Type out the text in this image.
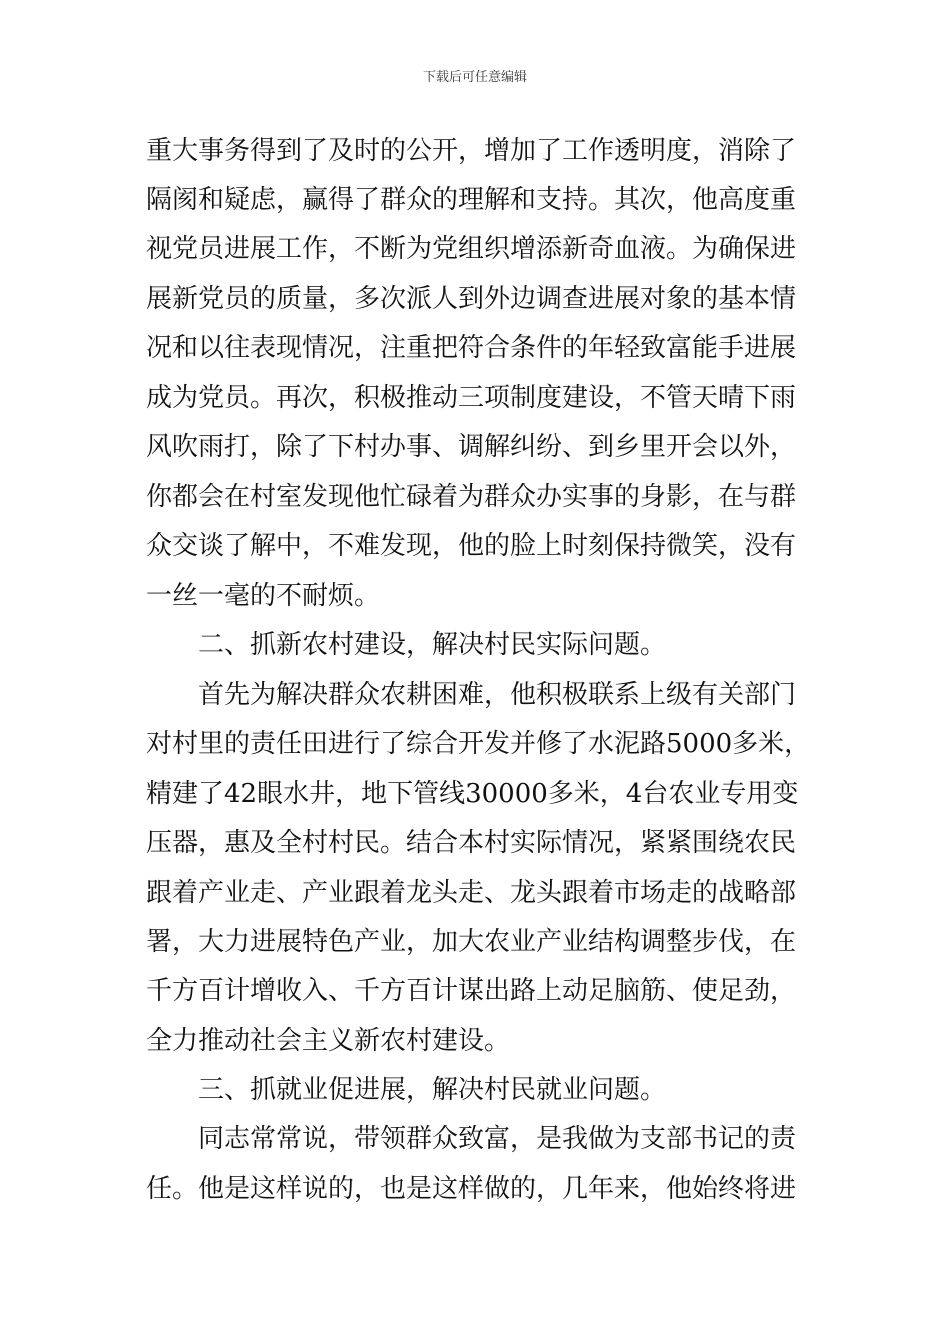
下载后可任意编辑
重大事务得到了及时的公开，增加了工作透明度，消除了
隔阂和疑虑，赢得了群众的理解和支持。其次，他高度重
视党员进展工作，不断为党组织增添新奇血液。为确保进
展新党员的质量，多次派人到外边调查进展对象的基本情
况和以往表现情况，注重把符合条件的年轻致富能手进展
成为党员。再次，积极推动三项制度建设，不管天晴下雨
风吹雨打，除了下村办事、调解纠纷、到乡里开会以外，
你都会在村室发现他忙碌着为群众办实事的身影，在与群
众交谈了解中，不难发现，他的脸上时刻保持微笑，没有
一丝一毫的不耐烦。
二、抓新农村建设，解决村民实际问题。
首先为解决群众农耕困难，他积极联系上级有关部门
对村里的责任田进行了综合开发并修了水泥路5000多米，
精建了42眼水井，地下管线30000多米，4台农业专用变
压器，惠及全村村民。结合本村实际情况，紧紧围绕农民
跟着产业走、产业跟着龙头走、龙头跟着市场走的战略部
署，大力进展特色产业，加大农业产业结构调整步伐，在
千方百计增收入、千方百计谋出路上动足脑筋、使足劲，
全力推动社会主义新农村建设。
三、抓就业促进展，解决村民就业问题。
同志常常说，带领群众致富，是我做为支部书记的责
任。他是这样说的，也是这样做的，几年来，他始终将进
